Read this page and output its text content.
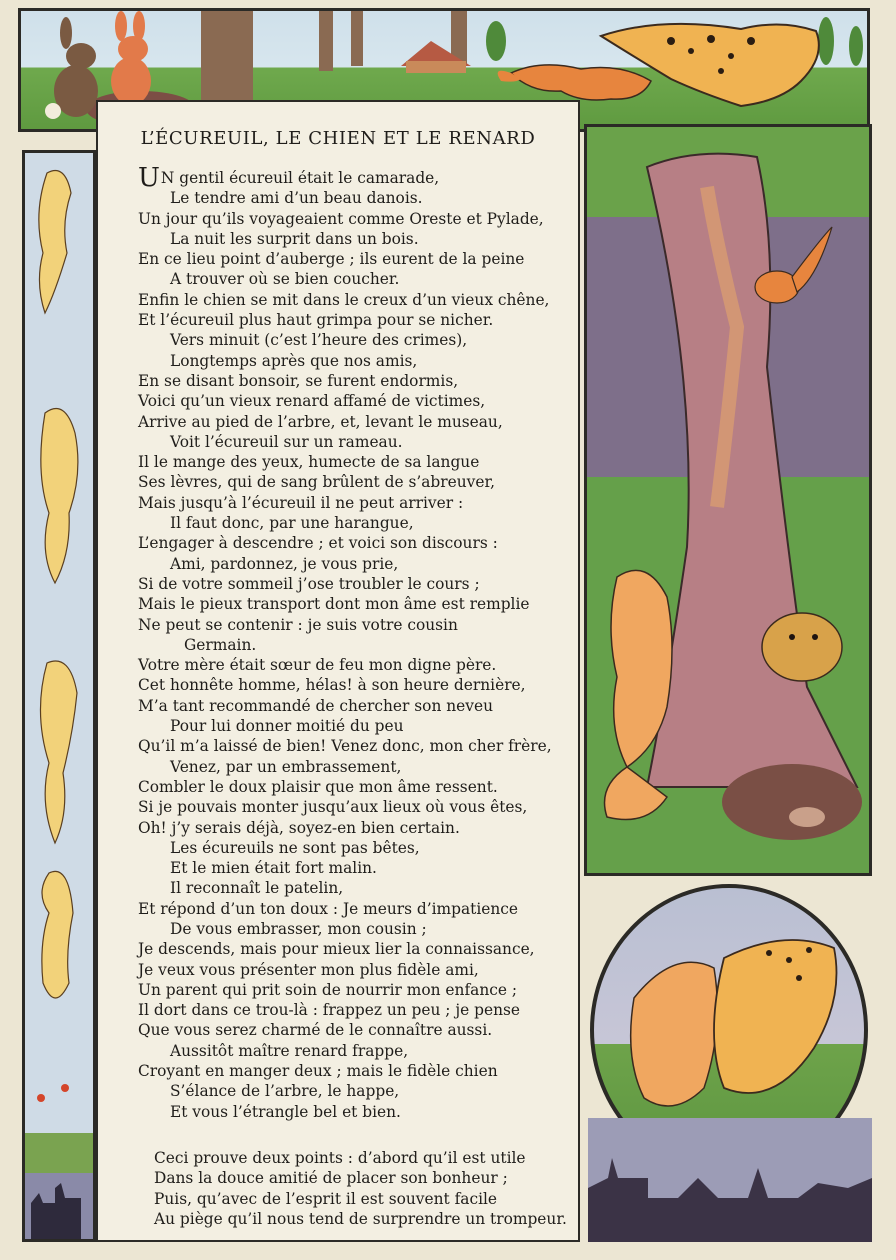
L’ÉCUREUIL, LE CHIEN ET LE RENARD
UN gentil écureuil était le camarade,
Le tendre ami d’un beau danois.
Un jour qu’ils voyageaient comme Oreste et Pylade,
La nuit les surprit dans un bois.
En ce lieu point d’auberge ; ils eurent de la peine
A trouver où se bien coucher.
Enfin le chien se mit dans le creux d’un vieux chêne,
Et l’écureuil plus haut grimpa pour se nicher.
Vers minuit (c’est l’heure des crimes),
Longtemps après que nos amis,
En se disant bonsoir, se furent endormis,
Voici qu’un vieux renard affamé de victimes,
Arrive au pied de l’arbre, et, levant le museau,
Voit l’écureuil sur un rameau.
Il le mange des yeux, humecte de sa langue
Ses lèvres, qui de sang brûlent de s’abreuver,
Mais jusqu’à l’écureuil il ne peut arriver :
Il faut donc, par une harangue,
L’engager à descendre ; et voici son discours :
Ami, pardonnez, je vous prie,
Si de votre sommeil j’ose troubler le cours ;
Mais le pieux transport dont mon âme est remplie
Ne peut se contenir : je suis votre cousin
Germain.
Votre mère était sœur de feu mon digne père.
Cet honnête homme, hélas! à son heure dernière,
M’a tant recommandé de chercher son neveu
Pour lui donner moitié du peu
Qu’il m’a laissé de bien! Venez donc, mon cher frère,
Venez, par un embrassement,
Combler le doux plaisir que mon âme ressent.
Si je pouvais monter jusqu’aux lieux où vous êtes,
Oh! j’y serais déjà, soyez-en bien certain.
Les écureuils ne sont pas bêtes,
Et le mien était fort malin.
Il reconnaît le patelin,
Et répond d’un ton doux : Je meurs d’impatience
De vous embrasser, mon cousin ;
Je descends, mais pour mieux lier la connaissance,
Je veux vous présenter mon plus fidèle ami,
Un parent qui prit soin de nourrir mon enfance ;
Il dort dans ce trou-là : frappez un peu ; je pense
Que vous serez charmé de le connaître aussi.
Aussitôt maître renard frappe,
Croyant en manger deux ; mais le fidèle chien
S’élance de l’arbre, le happe,
Et vous l’étrangle bel et bien.
Ceci prouve deux points : d’abord qu’il est utile
Dans la douce amitié de placer son bonheur ;
Puis, qu’avec de l’esprit il est souvent facile
Au piège qu’il nous tend de surprendre un trompeur.
